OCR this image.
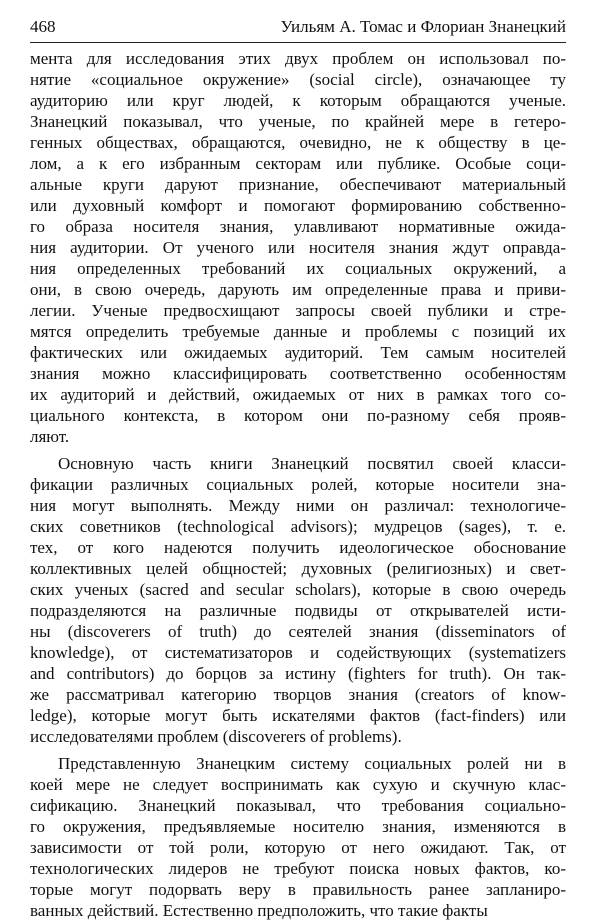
468	Уильям А. Томас и Флориан Знанецкий
мента для исследования этих двух проблем он использовал по-
нятие «социальное окружение» (social circle), означающее ту
аудиторию или круг людей, к которым обращаются ученые.
Знанецкий показывал, что ученые, по крайней мере в гетеро-
генных обществах, обращаются, очевидно, не к обществу в це-
лом, а к его избранным секторам или публике. Особые соци-
альные круги даруют признание, обеспечивают материальный
или духовный комфорт и помогают формированию собственно-
го образа носителя знания, улавливают нормативные ожида-
ния аудитории. От ученого или носителя знания ждут оправда-
ния определенных требований их социальных окружений, а
они, в свою очередь, дарують им определенные права и приви-
легии. Ученые предвосхищают запросы своей публики и стре-
мятся определить требуемые данные и проблемы с позиций их
фактических или ожидаемых аудиторий. Тем самым носителей
знания можно классифицировать соответственно особенностям
их аудиторий и действий, ожидаемых от них в рамках того со-
циального контекста, в котором они по-разному себя прояв-
ляют.
Основную часть книги Знанецкий посвятил своей класси-
фикации различных социальных ролей, которые носители зна-
ния могут выполнять. Между ними он различал: технологиче-
ских советников (technological advisors); мудрецов (sages), т. е.
тех, от кого надеются получить идеологическое обоснование
коллективных целей общностей; духовных (религиозных) и свет-
ских ученых (sacred and secular scholars), которые в свою очередь
подразделяются на различные подвиды от открывателей исти-
ны (discoverers of truth) до сеятелей знания (disseminators of
knowledge), от систематизаторов и содействующих (systematizers
and contributors) до борцов за истину (fighters for truth). Он так-
же рассматривал категорию творцов знания (creators of know-
ledge), которые могут быть искателями фактов (fact-finders) или
исследователями проблем (discoverers of problems).
Представленную Знанецким систему социальных ролей ни в
коей мере не следует воспринимать как сухую и скучную клас-
сификацию. Знанецкий показывал, что требования социально-
го окружения, предъявляемые носителю знания, изменяются в
зависимости от той роли, которую от него ожидают. Так, от
технологических лидеров не требуют поиска новых фактов, ко-
торые могут подорвать веру в правильность ранее запланиро-
ванных действий. Естественно предположить, что такие факты
